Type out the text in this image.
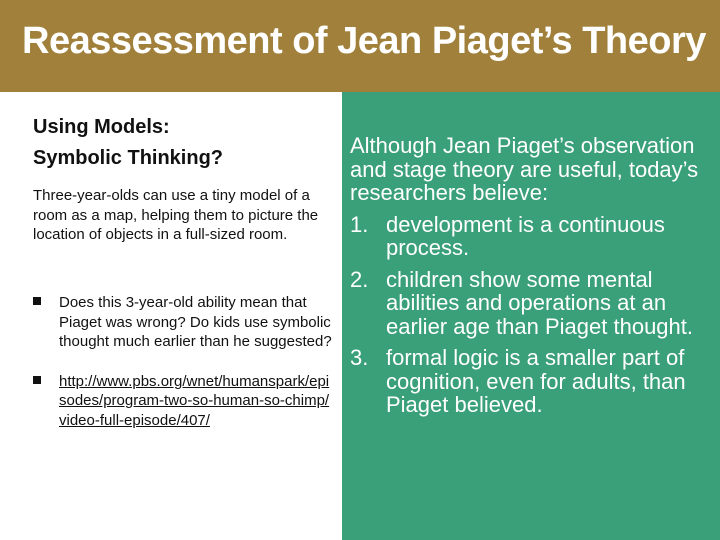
Reassessment of Jean Piaget’s Theory
Using Models:
Symbolic Thinking?
Three-year-olds can use a tiny model of a room as a map, helping them to picture the location of objects in a full-sized room.
Does this 3-year-old ability mean that Piaget was wrong? Do kids use symbolic thought much earlier than he suggested?
http://www.pbs.org/wnet/humanspark/episodes/program-two-so-human-so-chimp/video-full-episode/407/

Although Jean Piaget’s observation and stage theory are useful, today’s researchers believe:

1. development is a continuous process.
2. children show some mental abilities and operations at an earlier age than Piaget thought.
3. formal logic is a smaller part of cognition, even for adults, than Piaget believed.
